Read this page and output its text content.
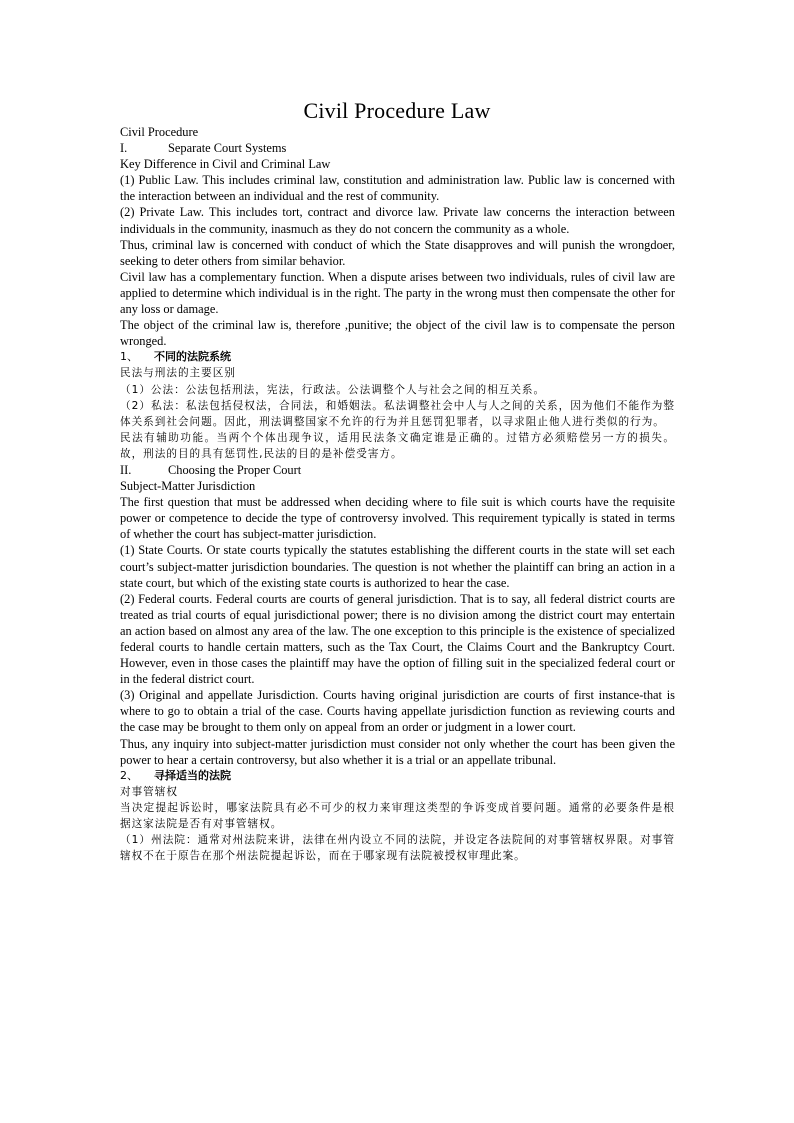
Civil Procedure Law

Civil Procedure

I.	Separate Court Systems

Key Difference in Civil and Criminal Law

(1) Public Law. This includes criminal law, constitution and administration law. Public law is concerned with the interaction between an individual and the rest of community.

(2) Private Law. This includes tort, contract and divorce law. Private law concerns the interaction between individuals in the community, inasmuch as they do not concern the community as a whole.

Thus, criminal law is concerned with conduct of which the State disapproves and will punish the wrongdoer, seeking to deter others from similar behavior.

Civil law has a complementary function. When a dispute arises between two individuals, rules of civil law are applied to determine which individual is in the right. The party in the wrong must then compensate the other for any loss or damage.

The object of the criminal law is, therefore ,punitive; the object of the civil law is to compensate the person wronged.

1、 不同的法院系统

民法与刑法的主要区别

（1）公法：公法包括刑法，宪法，行政法。公法调整个人与社会之间的相互关系。

（2）私法：私法包括侵权法，合同法，和婚姻法。私法调整社会中人与人之间的关系，因为他们不能作为整体关系到社会问题。因此，刑法调整国家不允许的行为并且惩罚犯罪者，以寻求阻止他人进行类似的行为。

民法有辅助功能。当两个个体出现争议，适用民法条文确定谁是正确的。过错方必须赔偿另一方的损失。故，刑法的目的具有惩罚性,民法的目的是补偿受害方。

II.	Choosing the Proper Court

Subject-Matter Jurisdiction

The first question that must be addressed when deciding where to file suit is which courts have the requisite power or competence to decide the type of controversy involved. This requirement typically is stated in terms of whether the court has subject-matter jurisdiction.

(1) State Courts. Or state courts typically the statutes establishing the different courts in the state will set each court’s subject-matter jurisdiction boundaries. The question is not whether the plaintiff can bring an action in a state court, but which of the existing state courts is authorized to hear the case.

(2) Federal courts. Federal courts are courts of general jurisdiction. That is to say, all federal district courts are treated as trial courts of equal jurisdictional power; there is no division among the district court may entertain an action based on almost any area of the law. The one exception to this principle is the existence of specialized federal courts to handle certain matters, such as the Tax Court, the Claims Court and the Bankruptcy Court. However, even in those cases the plaintiff may have the option of filling suit in the specialized federal court or in the federal district court.

(3) Original and appellate Jurisdiction. Courts having original jurisdiction are courts of first instance-that is where to go to obtain a trial of the case. Courts having appellate jurisdiction function as reviewing courts and the case may be brought to them only on appeal from an order or judgment in a lower court.

Thus, any inquiry into subject-matter jurisdiction must consider not only whether the court has been given the power to hear a certain controversy, but also whether it is a trial or an appellate tribunal.

2、 寻择适当的法院

对事管辖权

当决定提起诉讼时，哪家法院具有必不可少的权力来审理这类型的争诉变成首要问题。通常的必要条件是根据这家法院是否有对事管辖权。

（1）州法院：通常对州法院来讲，法律在州内设立不同的法院，并设定各法院间的对事管辖权界限。对事管辖权不在于原告在那个州法院提起诉讼，而在于哪家现有法院被授权审理此案。
